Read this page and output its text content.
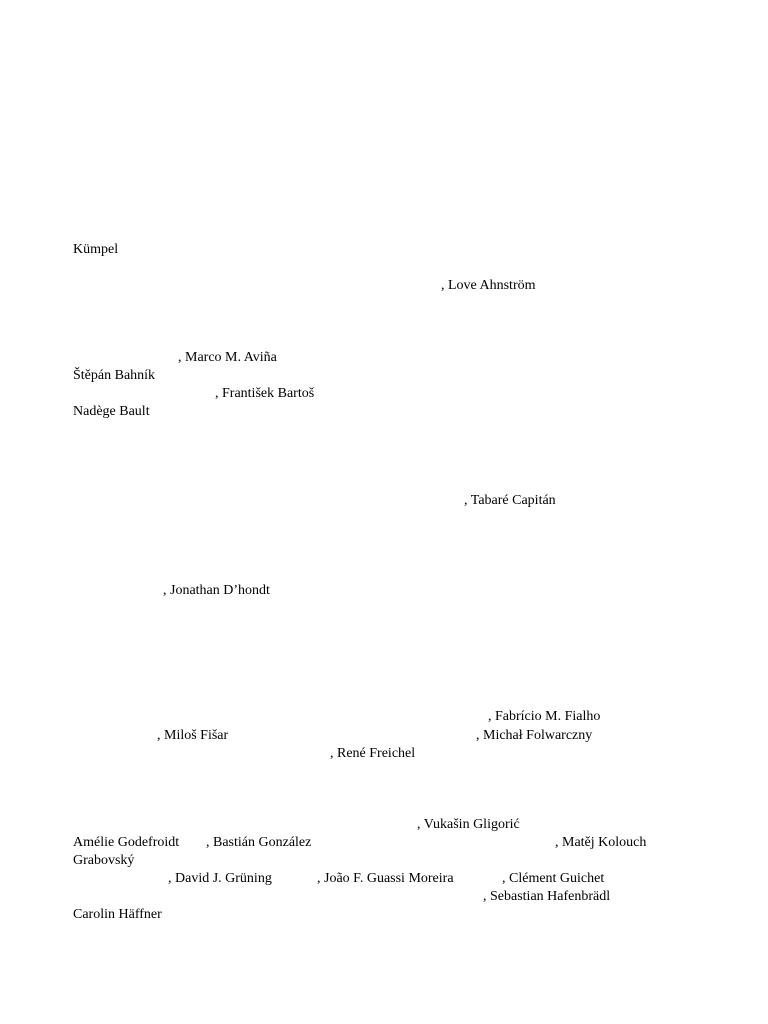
Kümpel
, Love Ahnström
, Marco M. Aviña
Štěpán Bahník
, František Bartoš
Nadège Bault
, Tabaré Capitán
, Jonathan D’hondt
, Fabrício M. Fialho
, Miloš Fišar	, Michał Folwarczny
, René Freichel
, Vukašin Gligorić
Amélie Godefroidt , Bastián González	, Matěj Kolouch
Grabovský
, David J. Grüning	, João F. Guassi Moreira	, Clément Guichet
, Sebastian Hafenbrädl
Carolin Häffner
